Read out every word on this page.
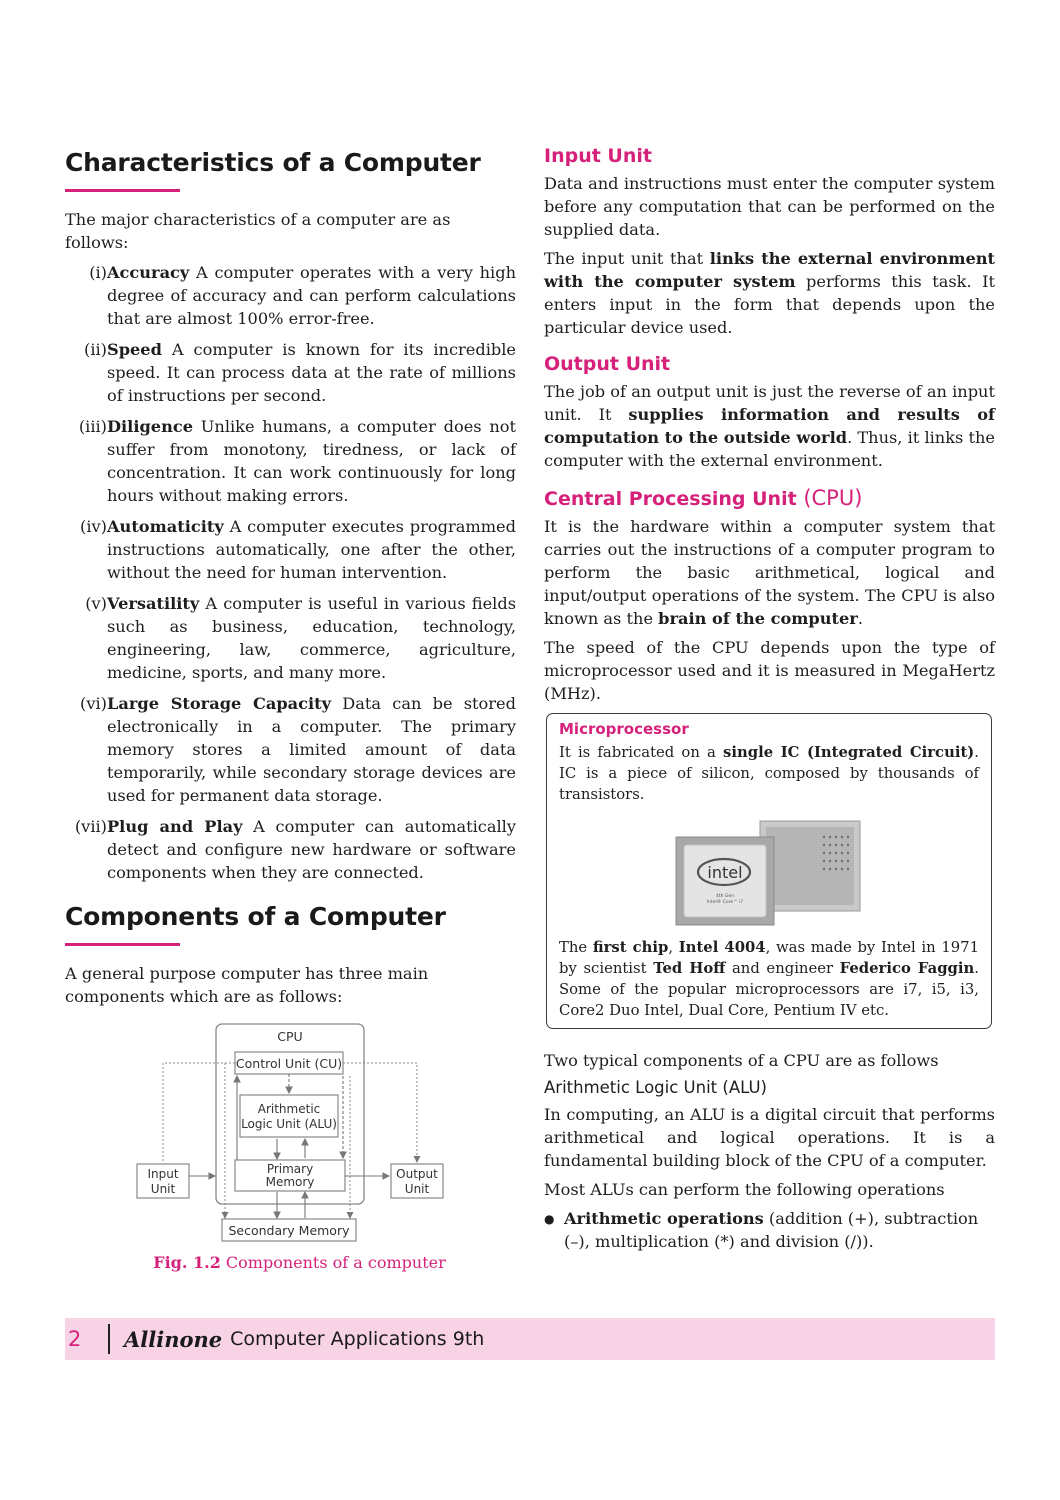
Characteristics of a Computer

The major characteristics of a computer are as follows:

(i) Accuracy A computer operates with a very high degree of accuracy and can perform calculations that are almost 100% error-free.
(ii) Speed A computer is known for its incredible speed. It can process data at the rate of millions of instructions per second.
(iii) Diligence Unlike humans, a computer does not suffer from monotony, tiredness, or lack of concentration. It can work continuously for long hours without making errors.
(iv) Automaticity A computer executes programmed instructions automatically, one after the other, without the need for human intervention.
(v) Versatility A computer is useful in various fields such as business, education, technology, engineering, law, commerce, agriculture, medicine, sports, and many more.
(vi) Large Storage Capacity Data can be stored electronically in a computer. The primary memory stores a limited amount of data temporarily, while secondary storage devices are used for permanent data storage.
(vii) Plug and Play A computer can automatically detect and configure new hardware or software components when they are connected.
Components of a Computer

A general purpose computer has three main components which are as follows:

CPU
Control Unit (CU)
Arithmetic
Logic Unit (ALU)
Primary
Memory
Input
Unit
Output
Unit
Secondary Memory
Fig. 1.2 Components of a computer
Input Unit

Data and instructions must enter the computer system before any computation that can be performed on the supplied data.

The input unit that links the external environment with the computer system performs this task. It enters input in the form that depends upon the particular device used.

Output Unit

The job of an output unit is just the reverse of an input unit. It supplies information and results of computation to the outside world. Thus, it links the computer with the external environment.

Central Processing Unit (CPU)

It is the hardware within a computer system that carries out the instructions of a computer program to perform the basic arithmetical, logical and input/output operations of the system. The CPU is also known as the brain of the computer.

The speed of the CPU depends upon the type of microprocessor used and it is measured in MegaHertz (MHz).

Microprocessor

It is fabricated on a single IC (Integrated Circuit). IC is a piece of silicon, composed by thousands of transistors.

intel
4th Gen
Intel® Core™ i7

The first chip, Intel 4004, was made by Intel in 1971 by scientist Ted Hoff and engineer Federico Faggin. Some of the popular microprocessors are i7, i5, i3, Core2 Duo Intel, Dual Core, Pentium IV etc.

Two typical components of a CPU are as follows

Arithmetic Logic Unit (ALU)

In computing, an ALU is a digital circuit that performs arithmetical and logical operations. It is a fundamental building block of the CPU of a computer.

Most ALUs can perform the following operations

● Arithmetic operations (addition (+), subtraction (–), multiplication (*) and division (/)).
2	Allinone Computer Applications 9th
